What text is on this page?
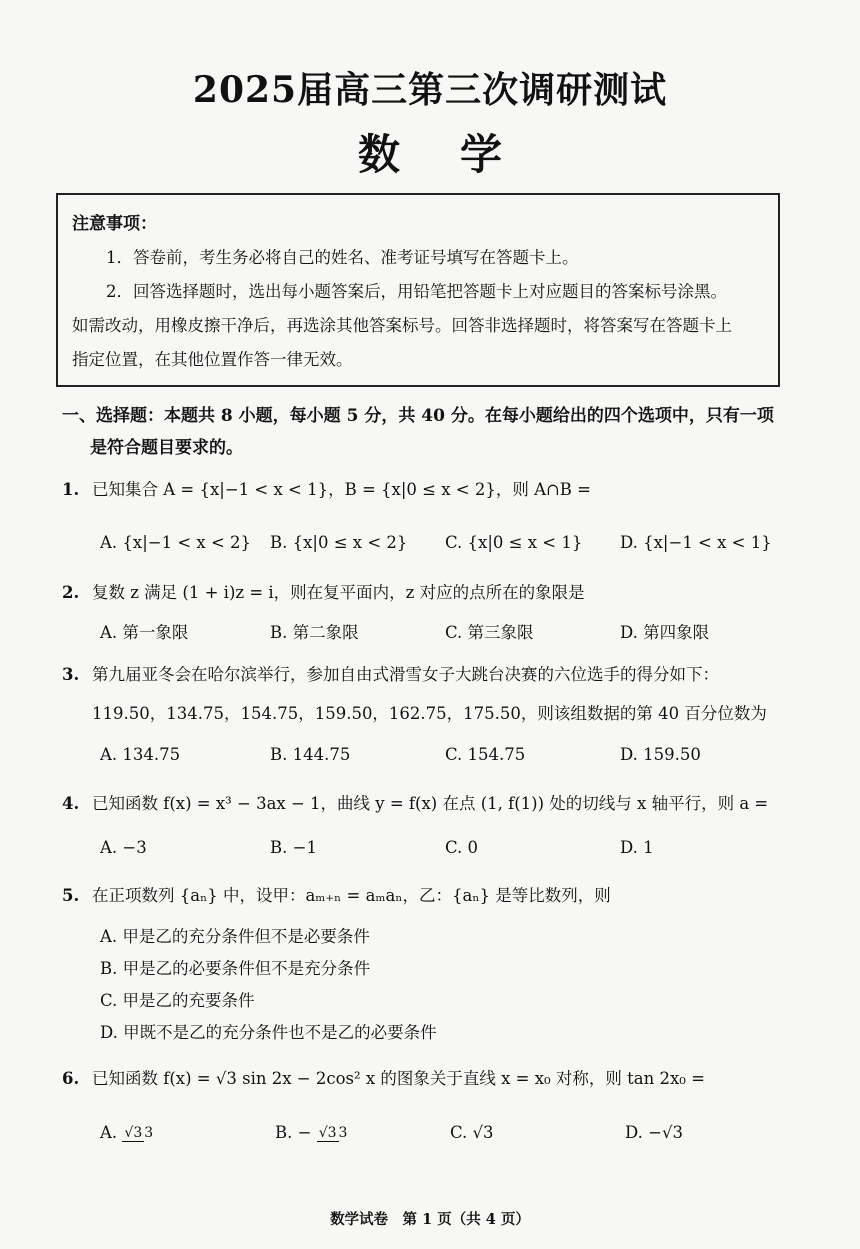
2025届高三第三次调研测试
数学
注意事项：
1．答卷前，考生务必将自己的姓名、准考证号填写在答题卡上。
2．回答选择题时，选出每小题答案后，用铅笔把答题卡上对应题目的答案标号涂黑。
如需改动，用橡皮擦干净后，再选涂其他答案标号。回答非选择题时，将答案写在答题卡上
指定位置，在其他位置作答一律无效。
一、选择题：本题共 8 小题，每小题 5 分，共 40 分。在每小题给出的四个选项中，只有一项
是符合题目要求的。
1. 已知集合 A = {x|−1 < x < 1}，B = {x|0 ≤ x < 2}，则 A∩B =
A. {x|−1 < x < 2} B. {x|0 ≤ x < 2} C. {x|0 ≤ x < 1} D. {x|−1 < x < 1}
2. 复数 z 满足 (1 + i)z = i，则在复平面内，z 对应的点所在的象限是
A. 第一象限	B. 第二象限	C. 第三象限	D. 第四象限
3. 第九届亚冬会在哈尔滨举行，参加自由式滑雪女子大跳台决赛的六位选手的得分如下：
119.50，134.75，154.75，159.50，162.75，175.50，则该组数据的第 40 百分位数为
A. 134.75	B. 144.75	C. 154.75	D. 159.50
4. 已知函数 f(x) = x³ − 3ax − 1，曲线 y = f(x) 在点 (1, f(1)) 处的切线与 x 轴平行，则 a =
A. −3	B. −1	C. 0	D. 1
5. 在正项数列 {aₙ} 中，设甲：aₘ₊ₙ = aₘaₙ，乙：{aₙ} 是等比数列，则
A. 甲是乙的充分条件但不是必要条件
B. 甲是乙的必要条件但不是充分条件
C. 甲是乙的充要条件
D. 甲既不是乙的充分条件也不是乙的必要条件
6. 已知函数 f(x) = √3 sin 2x − 2cos² x 的图象关于直线 x = x₀ 对称，则 tan 2x₀ =
A. √3 3	B. − √3 3	C. √3	D. −√3
数学试卷　第 1 页（共 4 页）
